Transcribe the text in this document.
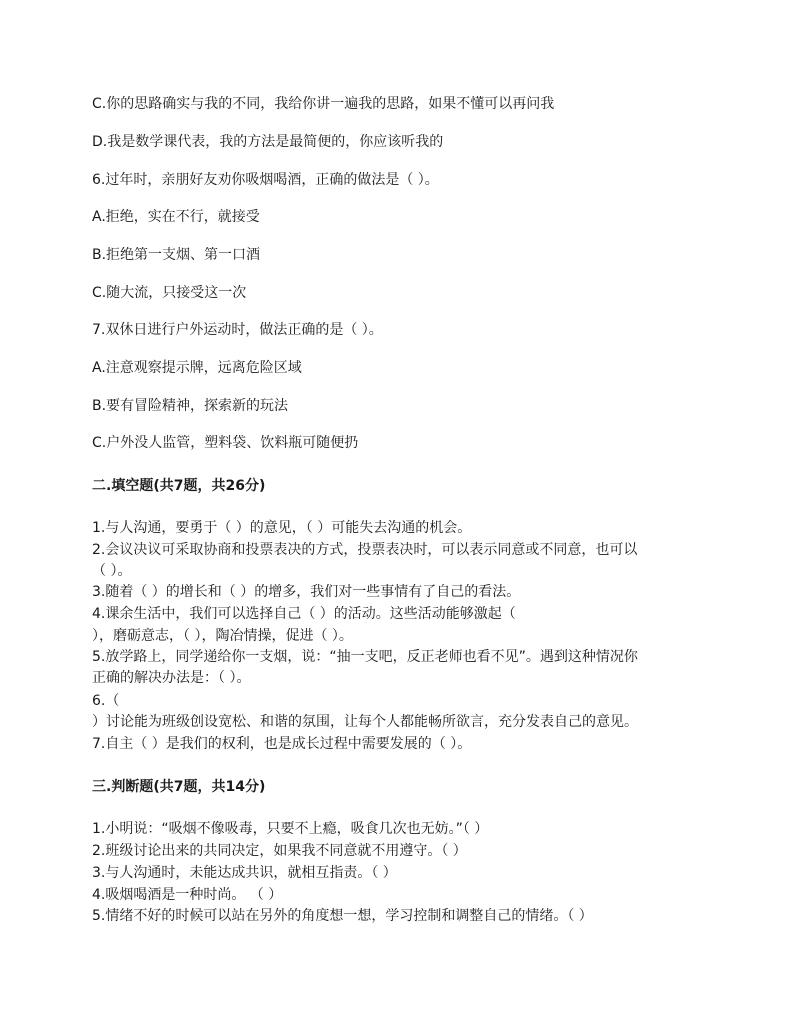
C.你的思路确实与我的不同，我给你讲一遍我的思路，如果不懂可以再问我
D.我是数学课代表，我的方法是最简便的，你应该听我的
6.过年时，亲朋好友劝你吸烟喝酒，正确的做法是（ ）。
A.拒绝，实在不行，就接受
B.拒绝第一支烟、第一口酒
C.随大流，只接受这一次
7.双休日进行户外运动时，做法正确的是（ ）。
A.注意观察提示牌，远离危险区域
B.要有冒险精神，探索新的玩法
C.户外没人监管，塑料袋、饮料瓶可随便扔
二.填空题(共7题，共26分)
1.与人沟通，要勇于（ ）的意见，（ ）可能失去沟通的机会。
2.会议决议可采取协商和投票表决的方式，投票表决时，可以表示同意或不同意，也可以
（ ）。
3.随着（ ）的增长和（ ）的增多，我们对一些事情有了自己的看法。
4.课余生活中，我们可以选择自己（ ）的活动。这些活动能够激起（
），磨砺意志，（ ），陶冶情操，促进（ ）。
5.放学路上，同学递给你一支烟，说：“抽一支吧，反正老师也看不见”。遇到这种情况你
正确的解决办法是：（ ）。
6.（
）讨论能为班级创设宽松、和谐的氛围，让每个人都能畅所欲言，充分发表自己的意见。
7.自主（ ）是我们的权利，也是成长过程中需要发展的（ ）。
三.判断题(共7题，共14分)
1.小明说：“吸烟不像吸毒，只要不上瘾，吸食几次也无妨。”（ ）
2.班级讨论出来的共同决定，如果我不同意就不用遵守。（ ）
3.与人沟通时，未能达成共识，就相互指责。（ ）
4.吸烟喝酒是一种时尚。 （ ）
5.情绪不好的时候可以站在另外的角度想一想，学习控制和调整自己的情绪。（ ）
